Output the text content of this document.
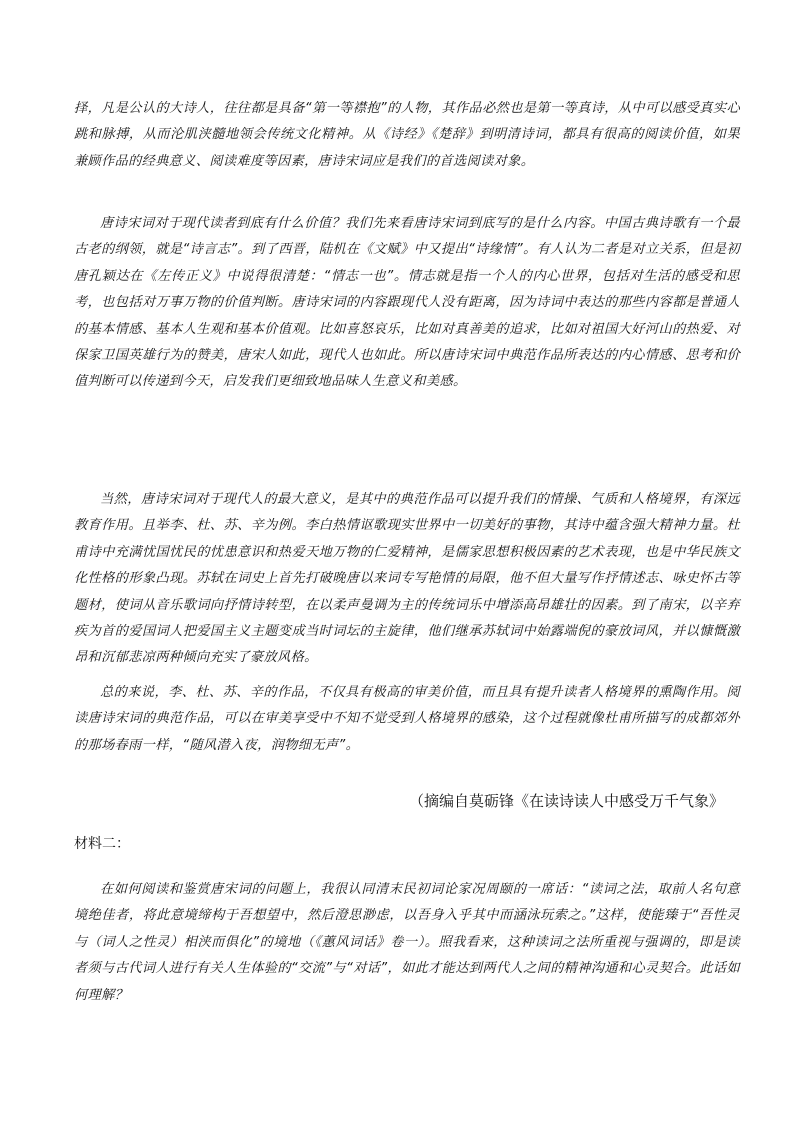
择，凡是公认的大诗人，往往都是具备“第一等襟抱”的人物，其作品必然也是第一等真诗，从中可以感受真实心跳和脉搏，从而沦肌浃髓地领会传统文化精神。从《诗经》《楚辞》到明清诗词，都具有很高的阅读价值，如果兼顾作品的经典意义、阅读难度等因素，唐诗宋词应是我们的首选阅读对象。

唐诗宋词对于现代读者到底有什么价值？我们先来看唐诗宋词到底写的是什么内容。中国古典诗歌有一个最古老的纲领，就是“诗言志”。到了西晋，陆机在《文赋》中又提出“诗缘情”。有人认为二者是对立关系，但是初唐孔颖达在《左传正义》中说得很清楚：“情志一也”。情志就是指一个人的内心世界，包括对生活的感受和思考，也包括对万事万物的价值判断。唐诗宋词的内容跟现代人没有距离，因为诗词中表达的那些内容都是普通人的基本情感、基本人生观和基本价值观。比如喜怒哀乐，比如对真善美的追求，比如对祖国大好河山的热爱、对保家卫国英雄行为的赞美，唐宋人如此，现代人也如此。所以唐诗宋词中典范作品所表达的内心情感、思考和价值判断可以传递到今天，启发我们更细致地品味人生意义和美感。

当然，唐诗宋词对于现代人的最大意义，是其中的典范作品可以提升我们的情操、气质和人格境界，有深远教育作用。且举李、杜、苏、辛为例。李白热情讴歌现实世界中一切美好的事物，其诗中蕴含强大精神力量。杜甫诗中充满忧国忧民的忧患意识和热爱天地万物的仁爱精神，是儒家思想积极因素的艺术表现，也是中华民族文化性格的形象凸现。苏轼在词史上首先打破晚唐以来词专写艳情的局限，他不但大量写作抒情述志、咏史怀古等题材，使词从音乐歌词向抒情诗转型，在以柔声曼调为主的传统词乐中增添高昂雄壮的因素。到了南宋，以辛弃疾为首的爱国词人把爱国主义主题变成当时词坛的主旋律，他们继承苏轼词中始露端倪的豪放词风，并以慷慨激昂和沉郁悲凉两种倾向充实了豪放风格。

总的来说，李、杜、苏、辛的作品，不仅具有极高的审美价值，而且具有提升读者人格境界的熏陶作用。阅读唐诗宋词的典范作品，可以在审美享受中不知不觉受到人格境界的感染，这个过程就像杜甫所描写的成都郊外的那场春雨一样，“随风潜入夜，润物细无声”。

（摘编自莫砺锋《在读诗读人中感受万千气象》
材料二：

在如何阅读和鉴赏唐宋词的问题上，我很认同清末民初词论家况周颐的一席话：“读词之法，取前人名句意境绝佳者，将此意境缔构于吾想望中，然后澄思渺虑，以吾身入乎其中而涵泳玩索之。”这样，使能臻于“吾性灵与（词人之性灵）相浃而俱化”的境地（《蕙风词话》卷一）。照我看来，这种读词之法所重视与强调的，即是读者须与古代词人进行有关人生体验的“交流”与“对话”，如此才能达到两代人之间的精神沟通和心灵契合。此话如何理解？
